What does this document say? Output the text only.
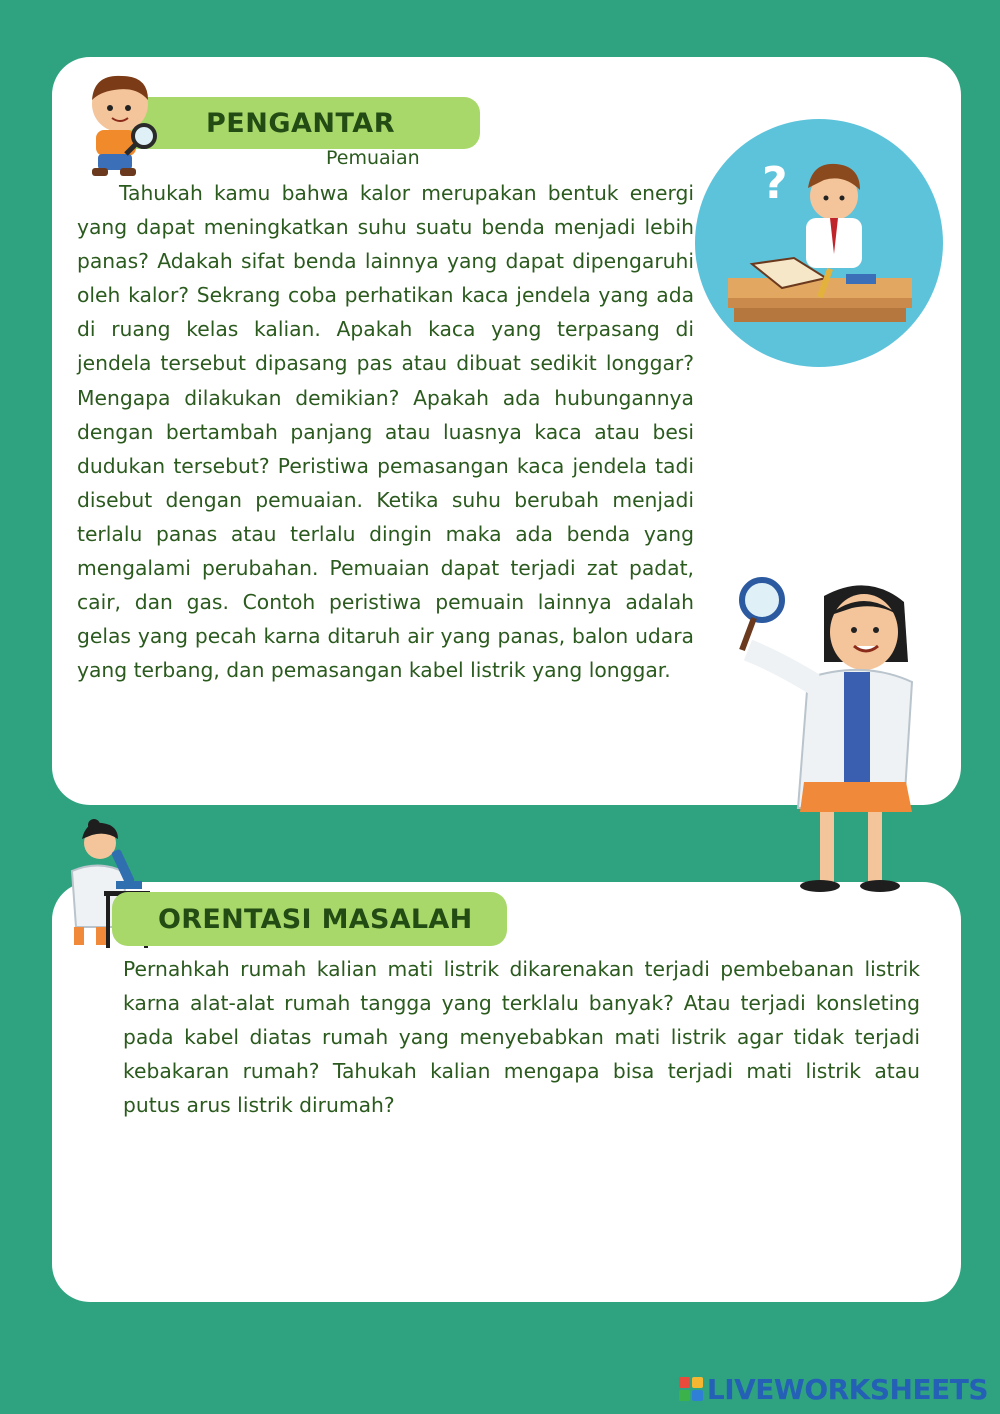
PENGANTAR
Pemuaian

Tahukah kamu bahwa kalor merupakan bentuk energi yang dapat meningkatkan suhu suatu benda menjadi lebih panas? Adakah sifat benda lainnya yang dapat dipengaruhi oleh kalor? Sekrang coba perhatikan kaca jendela yang ada di ruang kelas kalian. Apakah kaca yang terpasang di jendela tersebut dipasang pas atau dibuat sedikit longgar? Mengapa dilakukan demikian? Apakah ada hubungannya dengan bertambah panjang atau luasnya kaca atau besi dudukan tersebut? Peristiwa pemasangan kaca jendela tadi disebut dengan pemuaian. Ketika suhu berubah menjadi terlalu panas atau terlalu dingin maka ada benda yang mengalami perubahan. Pemuaian dapat terjadi zat padat, cair, dan gas. Contoh peristiwa pemuain lainnya adalah gelas yang pecah karna ditaruh air yang panas, balon udara yang terbang, dan pemasangan kabel listrik yang longgar.

?
ORENTASI MASALAH

Pernahkah rumah kalian mati listrik dikarenakan terjadi pembebanan listrik karna alat-alat rumah tangga yang terklalu banyak? Atau terjadi konsleting pada kabel diatas rumah yang menyebabkan mati listrik agar tidak terjadi kebakaran rumah? Tahukah kalian mengapa bisa terjadi mati listrik atau putus arus listrik dirumah?

LIVEWORKSHEETS
